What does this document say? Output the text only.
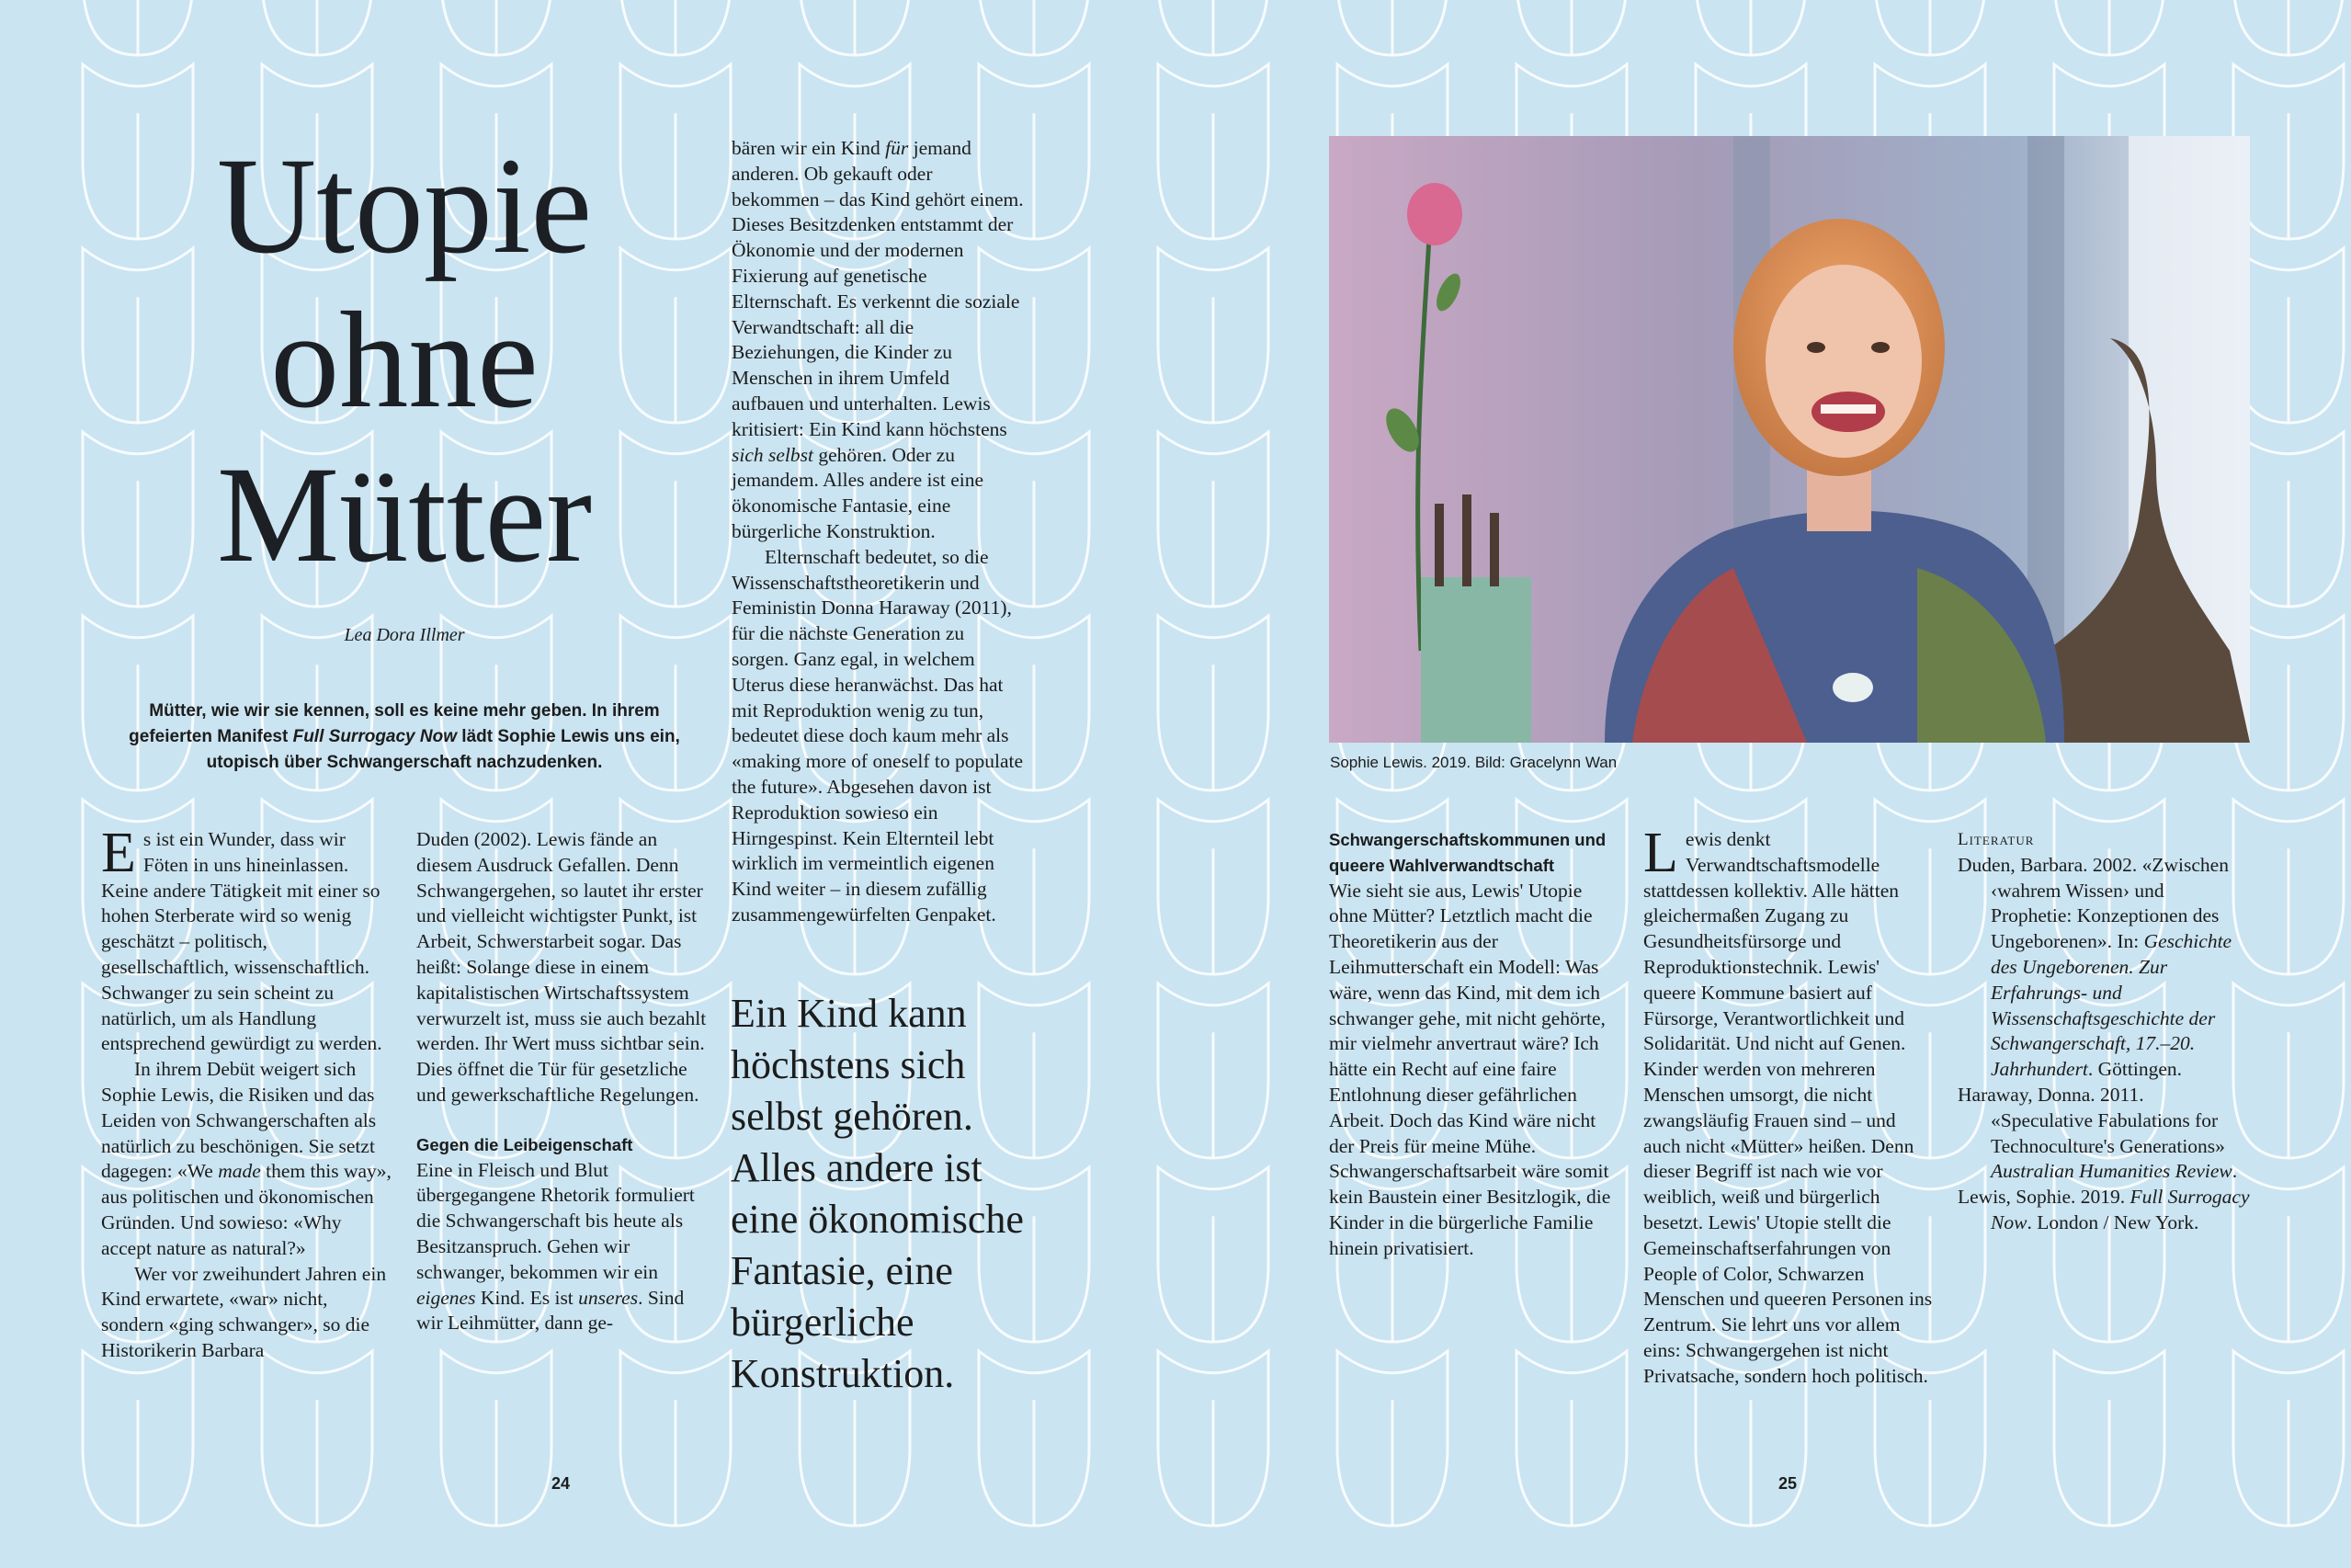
Utopie
ohne
Mütter
Lea Dora Illmer
Mütter, wie wir sie kennen, soll es keine mehr geben. In ihrem gefeierten Manifest Full Surrogacy Now lädt Sophie Lewis uns ein, utopisch über Schwangerschaft nachzudenken.

Es ist ein Wunder, dass wir Föten in uns hineinlassen. Keine andere Tätigkeit mit einer so hohen Sterberate wird so wenig geschätzt – politisch, gesellschaftlich, wissenschaftlich. Schwanger zu sein scheint zu natürlich, um als Handlung entsprechend gewürdigt zu werden.

In ihrem Debüt weigert sich Sophie Lewis, die Risiken und das Leiden von Schwangerschaften als natürlich zu beschönigen. Sie setzt dagegen: «We made them this way», aus politischen und ökonomischen Gründen. Und sowieso: «Why accept nature as natural?»

Wer vor zweihundert Jahren ein Kind erwartete, «war» nicht, sondern «ging schwanger», so die Historikerin Barbara

Duden (2002). Lewis fände an diesem Ausdruck Gefallen. Denn Schwangergehen, so lautet ihr erster und vielleicht wichtigster Punkt, ist Arbeit, Schwerstarbeit sogar. Das heißt: Solange diese in einem kapitalistischen Wirtschaftssystem verwurzelt ist, muss sie auch bezahlt werden. Ihr Wert muss sichtbar sein. Dies öffnet die Tür für gesetzliche und gewerkschaftliche Regelungen.

Gegen die Leibeigenschaft

Eine in Fleisch und Blut übergegangene Rhetorik formuliert die Schwangerschaft bis heute als Besitzanspruch. Gehen wir schwanger, bekommen wir ein eigenes Kind. Es ist unseres. Sind wir Leihmütter, dann ge-

bären wir ein Kind für jemand anderen. Ob gekauft oder bekommen – das Kind gehört einem. Dieses Besitzdenken entstammt der Ökonomie und der modernen Fixierung auf genetische Elternschaft. Es verkennt die soziale Verwandtschaft: all die Beziehungen, die Kinder zu Menschen in ihrem Umfeld aufbauen und unterhalten. Lewis kritisiert: Ein Kind kann höchstens sich selbst gehören. Oder zu jemandem. Alles andere ist eine ökonomische Fantasie, eine bürgerliche Konstruktion.

Elternschaft bedeutet, so die Wissenschaftstheoretikerin und Feministin Donna Haraway (2011), für die nächste Generation zu sorgen. Ganz egal, in welchem Uterus diese heranwächst. Das hat mit Reproduktion wenig zu tun, bedeutet diese doch kaum mehr als «making more of oneself to populate the future». Abgesehen davon ist Reproduktion sowieso ein Hirngespinst. Kein Elternteil lebt wirklich im vermeintlich eigenen Kind weiter – in diesem zufällig zusammengewürfelten Genpaket.

Ein Kind kann höchstens sich selbst gehören. Alles andere ist eine ökonomische Fantasie, eine bürgerliche Konstruktion.
24
Sophie Lewis. 2019. Bild: Gracelynn Wan
Schwangerschaftskommunen und queere Wahlverwandtschaft

Wie sieht sie aus, Lewis' Utopie ohne Mütter? Letztlich macht die Theoretikerin aus der Leihmutterschaft ein Modell: Was wäre, wenn das Kind, mit dem ich schwanger gehe, mit nicht gehörte, mir vielmehr anvertraut wäre? Ich hätte ein Recht auf eine faire Entlohnung dieser gefährlichen Arbeit. Doch das Kind wäre nicht der Preis für meine Mühe. Schwangerschaftsarbeit wäre somit kein Baustein einer Besitzlogik, die Kinder in die bürgerliche Familie hinein privatisiert.

Lewis denkt Verwandtschaftsmodelle stattdessen kollektiv. Alle hätten gleichermaßen Zugang zu Gesundheitsfürsorge und Reproduktionstechnik. Lewis' queere Kommune basiert auf Fürsorge, Verantwortlichkeit und Solidarität. Und nicht auf Genen. Kinder werden von mehreren Menschen umsorgt, die nicht zwangsläufig Frauen sind – und auch nicht «Mütter» heißen. Denn dieser Begriff ist nach wie vor weiblich, weiß und bürgerlich besetzt. Lewis' Utopie stellt die Gemeinschaftserfahrungen von People of Color, Schwarzen Menschen und queeren Personen ins Zentrum. Sie lehrt uns vor allem eins: Schwangergehen ist nicht Privatsache, sondern hoch politisch.

Literatur

Duden, Barbara. 2002. «Zwischen ‹wahrem Wissen› und Prophetie: Konzeptionen des Ungeborenen». In: Geschichte des Ungeborenen. Zur Erfahrungs- und Wissenschaftsgeschichte der Schwangerschaft, 17.–20. Jahrhundert. Göttingen.

Haraway, Donna. 2011. «Speculative Fabulations for Technoculture's Generations» Australian Humanities Review.

Lewis, Sophie. 2019. Full Surrogacy Now. London / New York.

25
